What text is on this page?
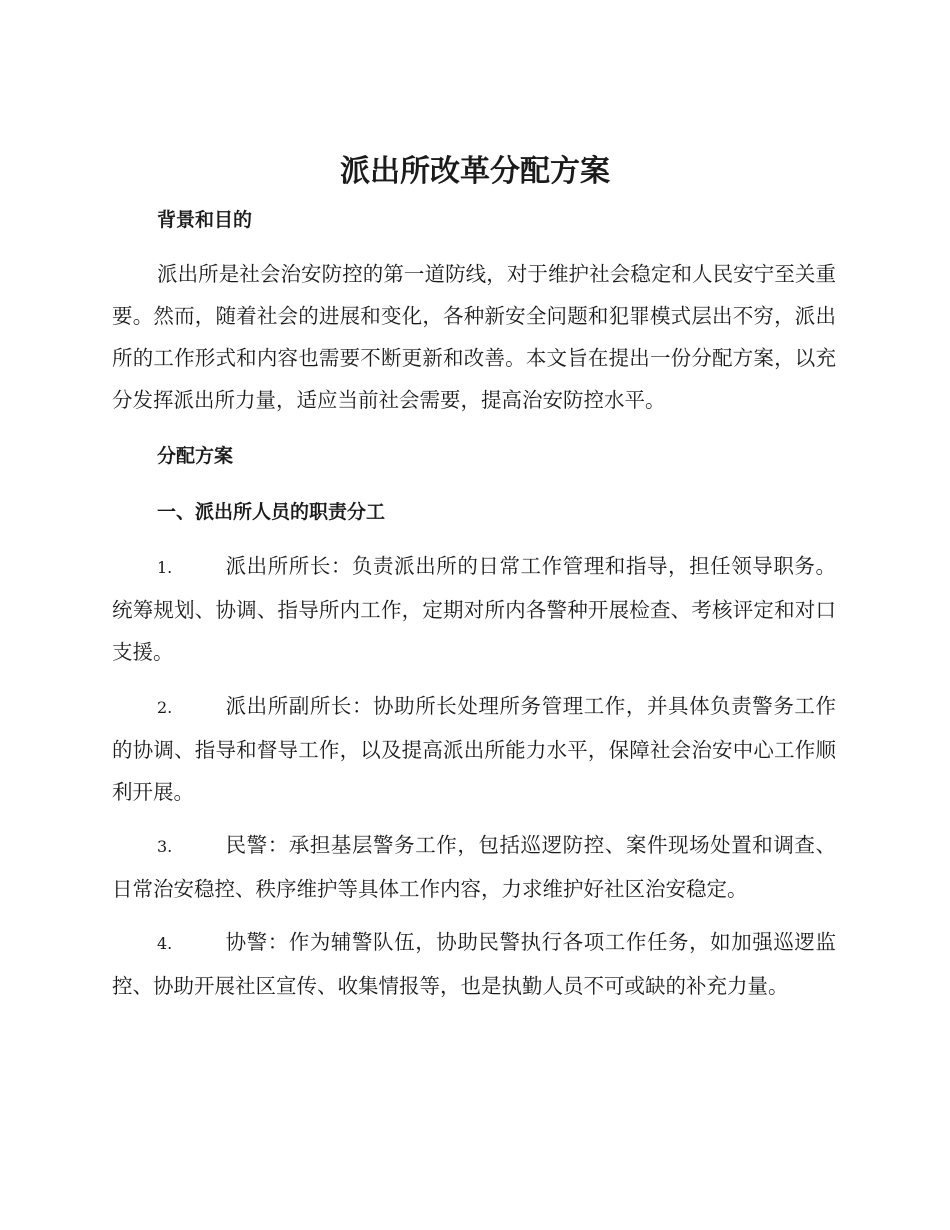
派出所改革分配方案
背景和目的

派出所是社会治安防控的第一道防线，对于维护社会稳定和人民安宁至关重要。然而，随着社会的进展和变化，各种新安全问题和犯罪模式层出不穷，派出所的工作形式和内容也需要不断更新和改善。本文旨在提出一份分配方案，以充分发挥派出所力量，适应当前社会需要，提高治安防控水平。

分配方案
一、派出所人员的职责分工

1.	派出所所长：负责派出所的日常工作管理和指导，担任领导职务。统筹规划、协调、指导所内工作，定期对所内各警种开展检查、考核评定和对口支援。

2.	派出所副所长：协助所长处理所务管理工作，并具体负责警务工作的协调、指导和督导工作，以及提高派出所能力水平，保障社会治安中心工作顺利开展。

3.	民警：承担基层警务工作，包括巡逻防控、案件现场处置和调查、日常治安稳控、秩序维护等具体工作内容，力求维护好社区治安稳定。

4.	协警：作为辅警队伍，协助民警执行各项工作任务，如加强巡逻监控、协助开展社区宣传、收集情报等，也是执勤人员不可或缺的补充力量。
